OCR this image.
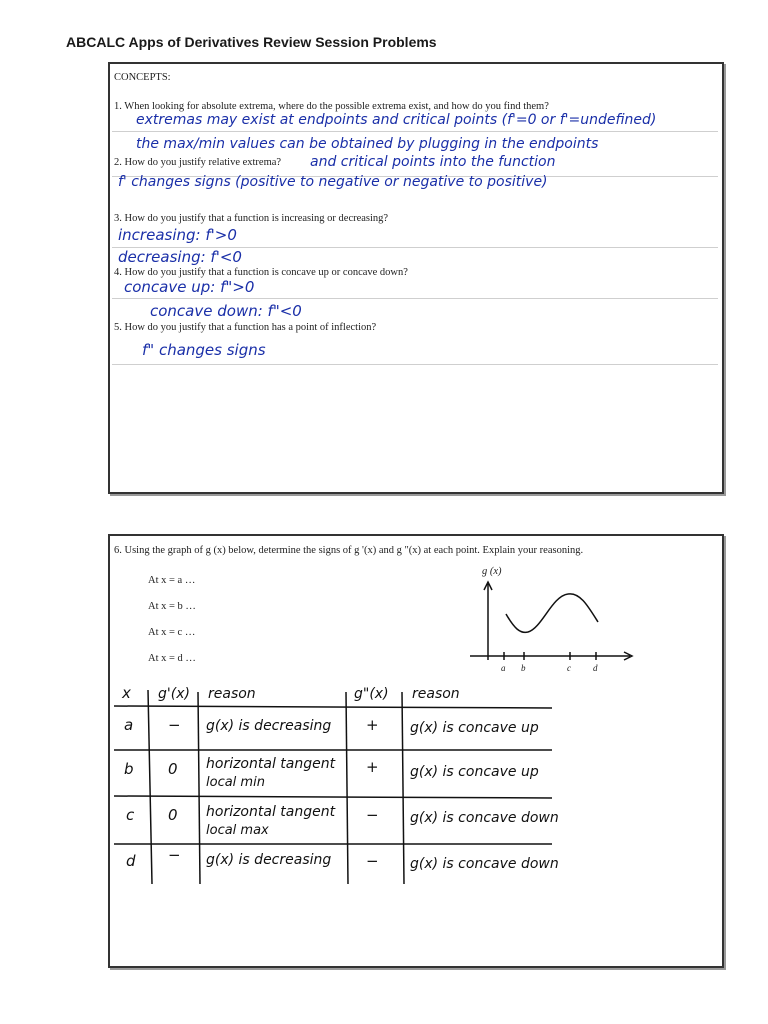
ABCALC Apps of Derivatives Review Session Problems
CONCEPTS:
1. When looking for absolute extrema, where do the possible extrema exist, and how do you find them?
extremas may exist at endpoints and critical points (f'=0 or f'=undefined)
the max/min values can be obtained by plugging in the endpoints
2. How do you justify relative extrema? and critical points into the function
f' changes signs (positive to negative or negative to positive)
3. How do you justify that a function is increasing or decreasing?
increasing: f'>0
decreasing: f'<0
4. How do you justify that a function is concave up or concave down?
concave up: f">0
concave down: f"<0
5. How do you justify that a function has a point of inflection?
f" changes signs
6. Using the graph of g (x) below, determine the signs of g '(x) and g "(x) at each point. Explain your reasoning.
At x = a …
At x = b …
At x = c …
At x = d …
g (x)
a b	c d
x g'(x) reason	g"(x) reason
a − g(x) is decreasing + g(x) is concave up
b 0 horizontal tangent
local min
+ g(x) is concave up
c 0 horizontal tangent
local max
− g(x) is concave down
d − g(x) is decreasing − g(x) is concave down
